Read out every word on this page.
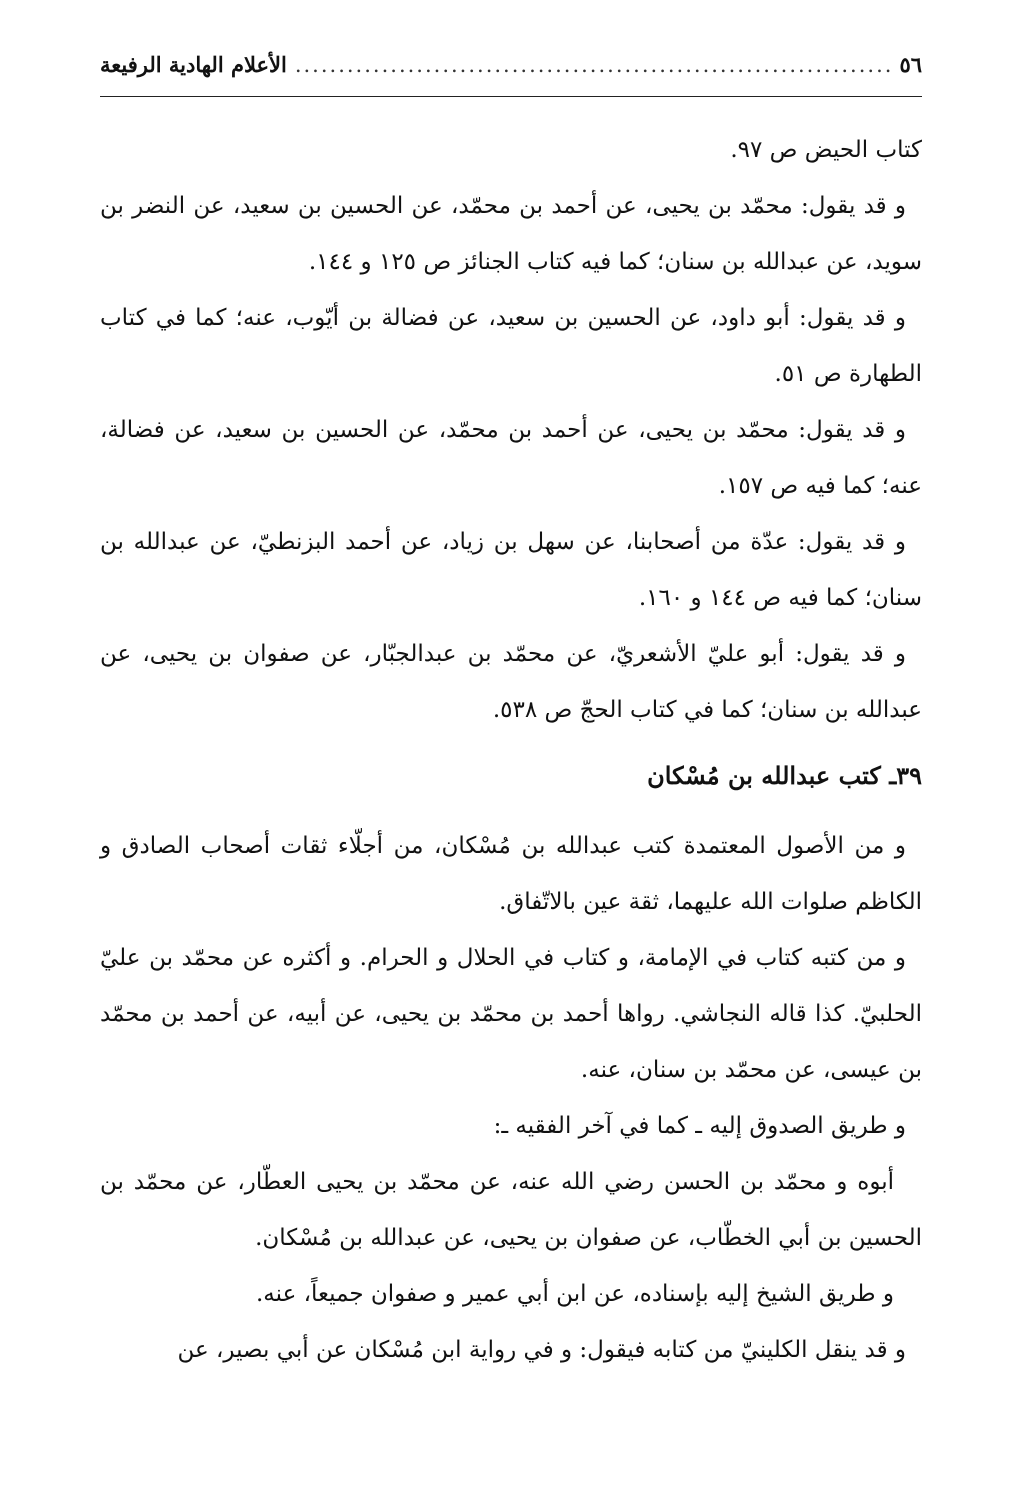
٥٦
.....
الأعلام الهادية الرفيعة

كتاب الحيض ص ٩٧.

و قد يقول: محمّد بن يحيى، عن أحمد بن محمّد، عن الحسين بن سعيد، عن النضر بن سويد، عن عبدالله بن سنان؛ كما فيه كتاب الجنائز ص ١٢٥ و ١٤٤.

و قد يقول: أبو داود، عن الحسين بن سعيد، عن فضالة بن أيّوب، عنه؛ كما في كتاب الطهارة ص ٥١.

و قد يقول: محمّد بن يحيى، عن أحمد بن محمّد، عن الحسين بن سعيد، عن فضالة، عنه؛ كما فيه ص ١٥٧.

و قد يقول: عدّة من أصحابنا، عن سهل بن زياد، عن أحمد البزنطيّ، عن عبدالله بن سنان؛ كما فيه ص ١٤٤ و ١٦٠.

و قد يقول: أبو عليّ الأشعريّ، عن محمّد بن عبدالجبّار، عن صفوان بن يحيى، عن عبدالله بن سنان؛ كما في كتاب الحجّ ص ٥٣٨.

٣٩ـ كتب عبدالله بن مُسْكان

و من الأصول المعتمدة كتب عبدالله بن مُسْكان، من أجلّاء ثقات أصحاب الصادق و الكاظم صلوات الله عليهما، ثقة عين بالاتّفاق.

و من كتبه كتاب في الإمامة، و كتاب في الحلال و الحرام. و أكثره عن محمّد بن عليّ الحلبيّ. كذا قاله النجاشي. رواها أحمد بن محمّد بن يحيى، عن أبيه، عن أحمد بن محمّد بن عيسى، عن محمّد بن سنان، عنه.

و طريق الصدوق إليه ـ كما في آخر الفقيه ـ:

أبوه و محمّد بن الحسن رضي الله عنه، عن محمّد بن يحيى العطّار، عن محمّد بن الحسين بن أبي الخطّاب، عن صفوان بن يحيى، عن عبدالله بن مُسْكان.

و طريق الشيخ إليه بإسناده، عن ابن أبي عمير و صفوان جميعاً، عنه.

و قد ينقل الكلينيّ من كتابه فيقول: و في رواية ابن مُسْكان عن أبي بصير، عن
